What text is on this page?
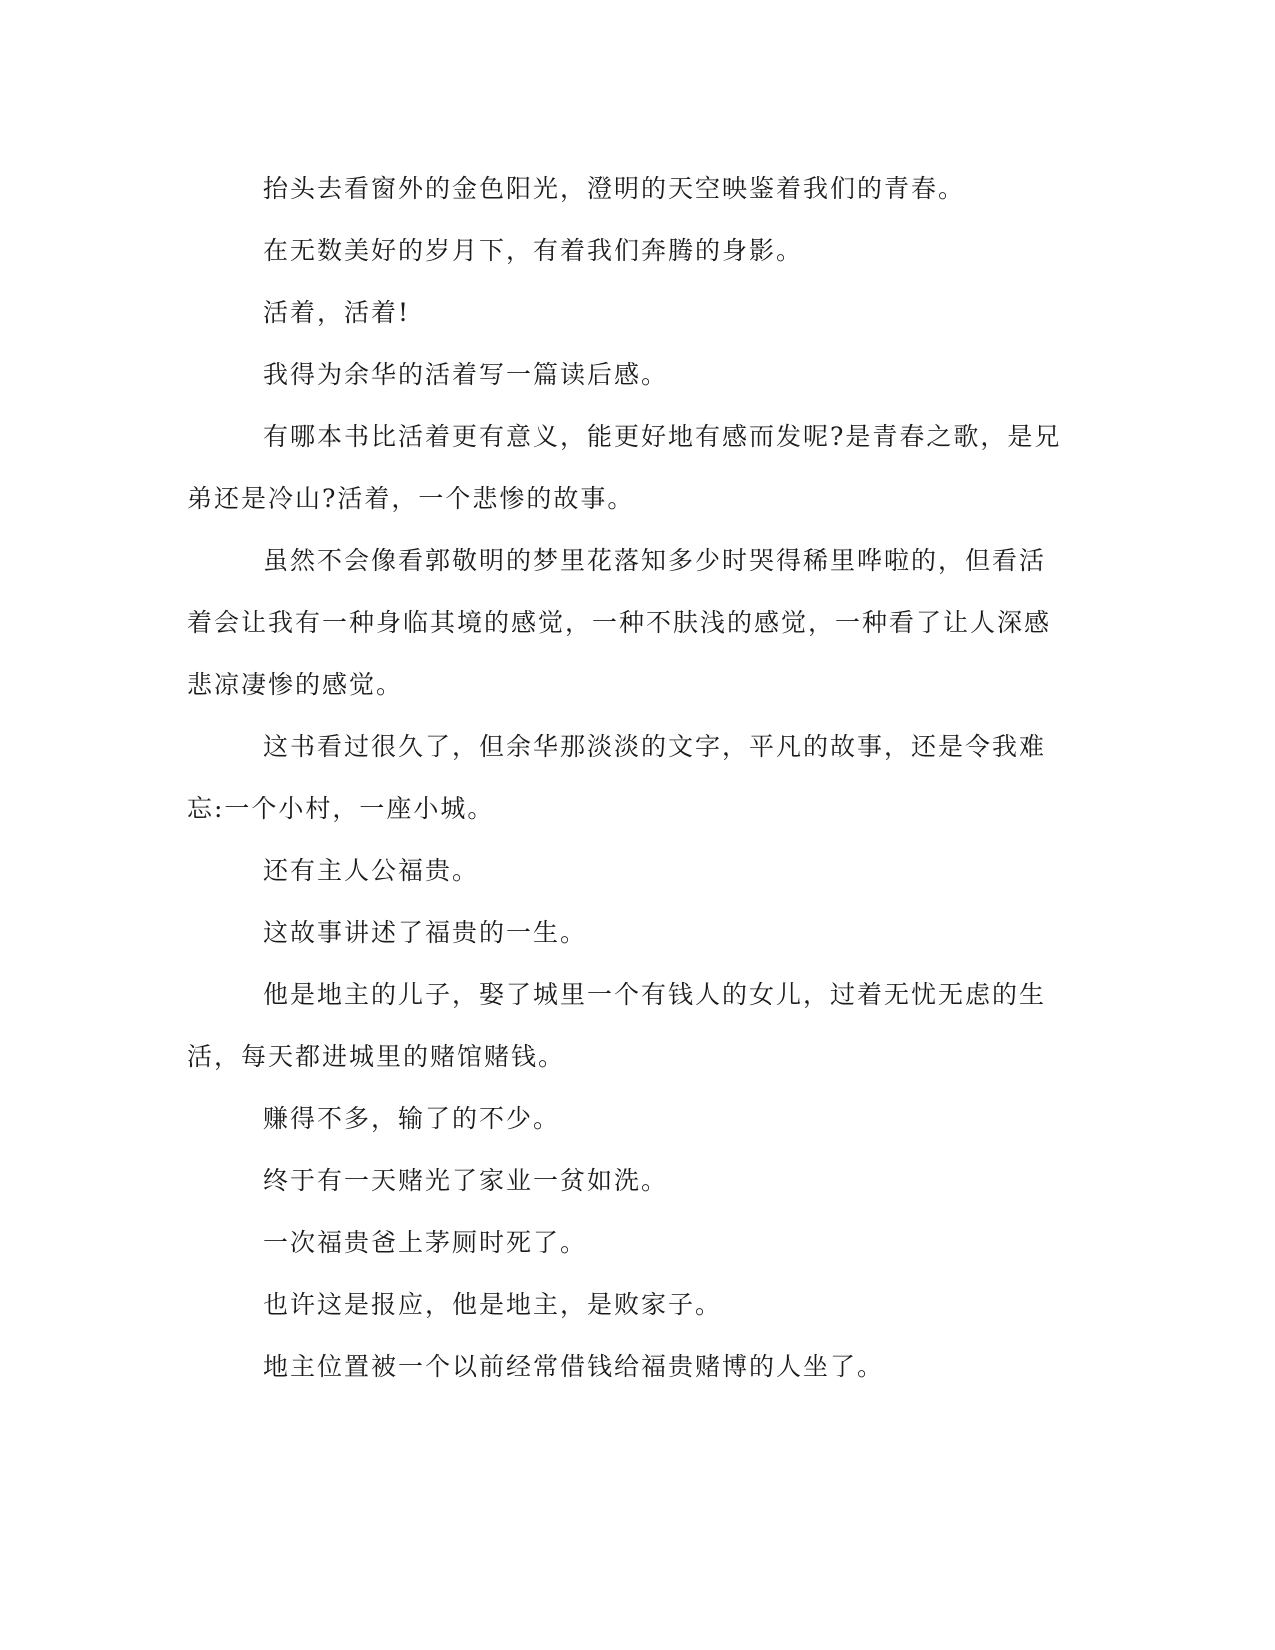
抬头去看窗外的金色阳光，澄明的天空映鉴着我们的青春。

在无数美好的岁月下，有着我们奔腾的身影。

活着，活着!

我得为余华的活着写一篇读后感。

有哪本书比活着更有意义，能更好地有感而发呢?是青春之歌，是兄弟还是冷山?活着，一个悲惨的故事。

虽然不会像看郭敬明的梦里花落知多少时哭得稀里哗啦的，但看活着会让我有一种身临其境的感觉，一种不肤浅的感觉，一种看了让人深感悲凉凄惨的感觉。

这书看过很久了，但余华那淡淡的文字，平凡的故事，还是令我难忘:一个小村，一座小城。

还有主人公福贵。

这故事讲述了福贵的一生。

他是地主的儿子，娶了城里一个有钱人的女儿，过着无忧无虑的生活，每天都进城里的赌馆赌钱。

赚得不多，输了的不少。

终于有一天赌光了家业一贫如洗。

一次福贵爸上茅厕时死了。

也许这是报应，他是地主，是败家子。

地主位置被一个以前经常借钱给福贵赌博的人坐了。
